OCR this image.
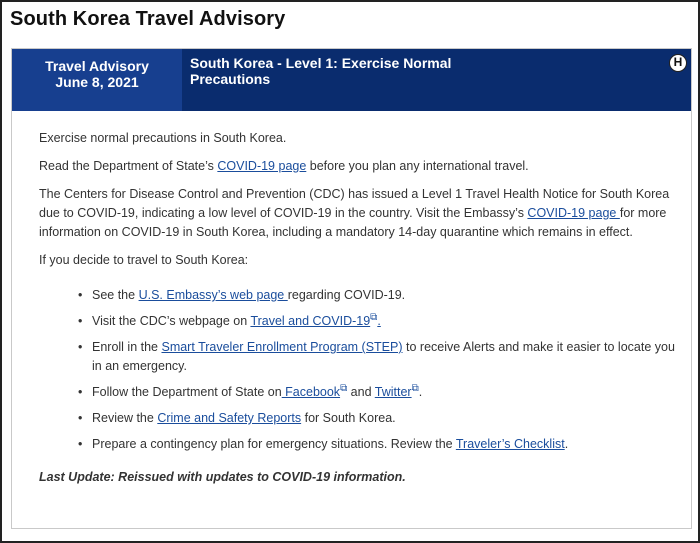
South Korea Travel Advisory
Travel Advisory
June 8, 2021
South Korea - Level 1: Exercise Normal
Precautions
H

Exercise normal precautions in South Korea.

Read the Department of State’s COVID-19 page before you plan any international travel.

The Centers for Disease Control and Prevention (CDC) has issued a Level 1 Travel Health Notice for South Korea due to COVID-19, indicating a low level of COVID-19 in the country. Visit the Embassy’s COVID-19 page for more information on COVID-19 in South Korea, including a mandatory 14-day quarantine which remains in effect.

If you decide to travel to South Korea:

• See the U.S. Embassy’s web page regarding COVID-19.
• Visit the CDC’s webpage on Travel and COVID-19⧉.
• Enroll in the Smart Traveler Enrollment Program (STEP) to receive Alerts and make it easier to locate you in an emergency.
• Follow the Department of State on Facebook⧉ and Twitter⧉.
• Review the Crime and Safety Reports for South Korea.
• Prepare a contingency plan for emergency situations. Review the Traveler’s Checklist.

Last Update: Reissued with updates to COVID-19 information.
